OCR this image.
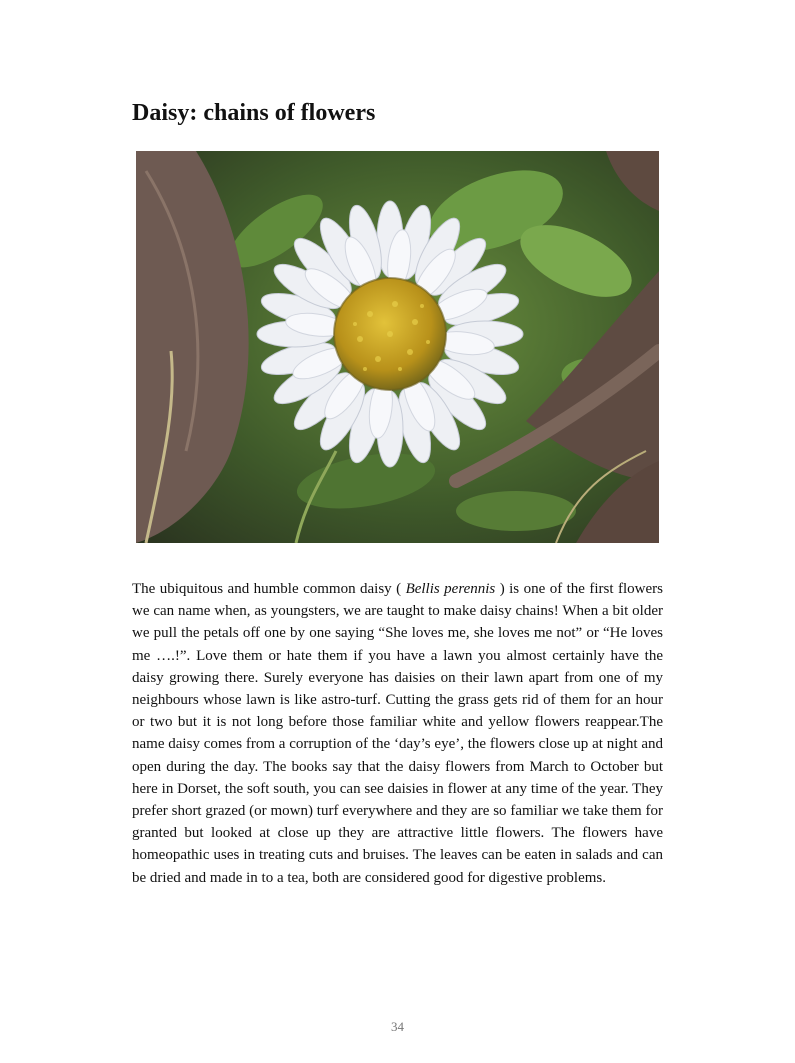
Daisy: chains of flowers

The ubiquitous and humble common daisy ( Bellis perennis ) is one of the first flowers we can name when, as youngsters, we are taught to make daisy chains! When a bit older we pull the petals off one by one saying “She loves me, she loves me not” or “He loves me ….!”. Love them or hate them if you have a lawn you almost certainly have the daisy growing there. Surely everyone has daisies on their lawn apart from one of my neighbours whose lawn is like astro-turf. Cutting the grass gets rid of them for an hour or two but it is not long before those familiar white and yellow flowers reappear.The name daisy comes from a corruption of the ‘day’s eye’, the flowers close up at night and open during the day. The books say that the daisy flowers from March to October but here in Dorset, the soft south, you can see daisies in flower at any time of the year. They prefer short grazed (or mown) turf everywhere and they are so familiar we take them for granted but looked at close up they are attractive little flowers. The flowers have homeopathic uses in treating cuts and bruises. The leaves can be eaten in salads and can be dried and made in to a tea, both are considered good for digestive problems.

34
